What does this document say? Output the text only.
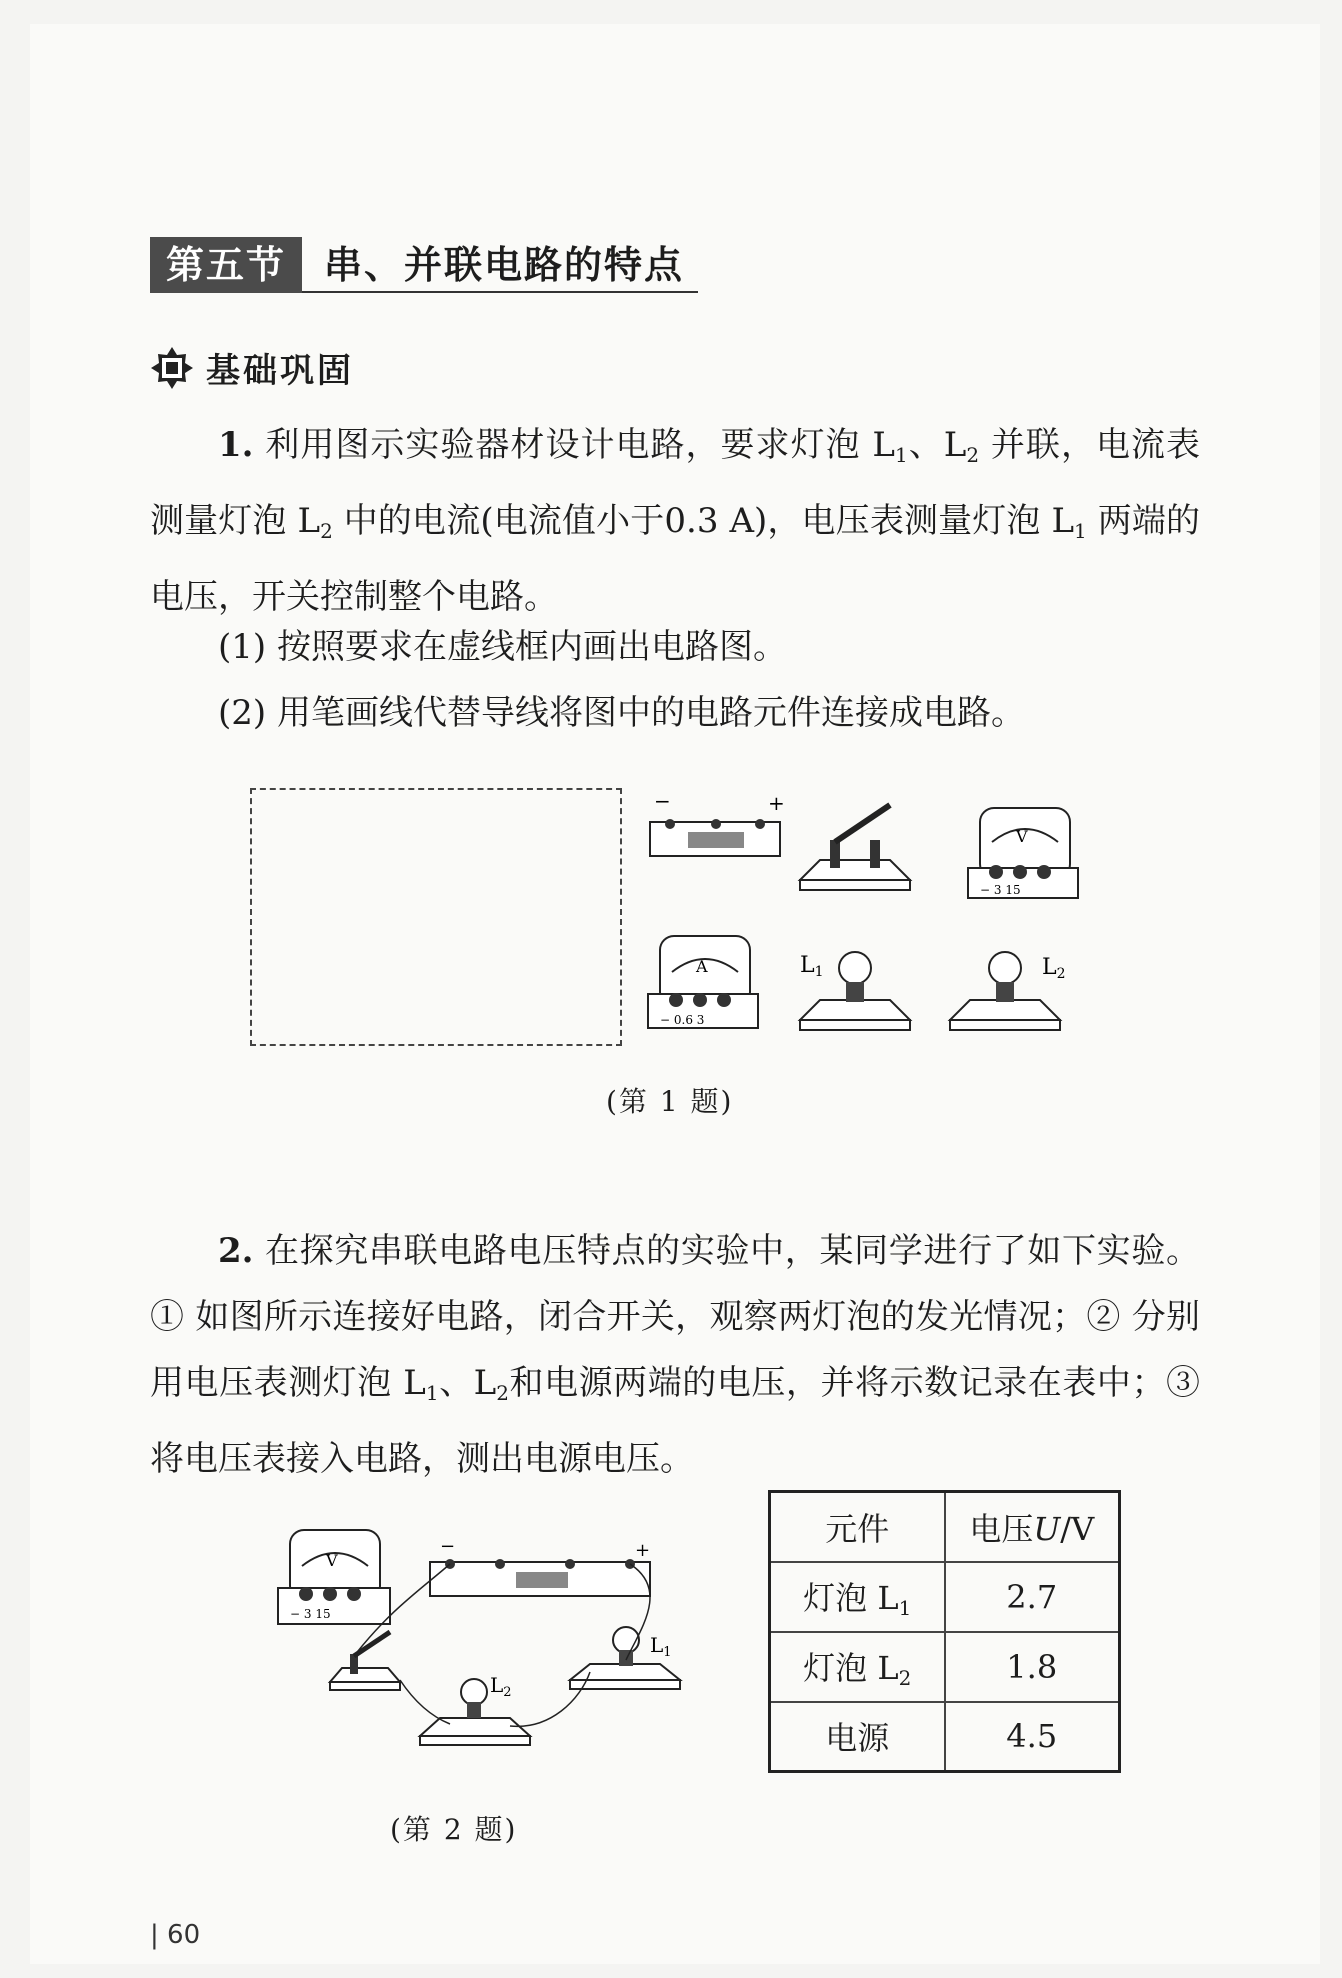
第五节	串、并联电路的特点
基础巩固
1. 利用图示实验器材设计电路，要求灯泡 $L_1$、$L_2$ 并联，电流表测量灯泡 $L_2$ 中的电流(电流值小于0.3 A)，电压表测量灯泡 $L_1$ 两端的电压，开关控制整个电路。
(1) 按照要求在虚线框内画出电路图。
(2) 用笔画线代替导线将图中的电路元件连接成电路。
−	+
V
− 3 15
A
− 0.6 3
L1	L2
(第 1 题)
2. 在探究串联电路电压特点的实验中，某同学进行了如下实验。① 如图所示连接好电路，闭合开关，观察两灯泡的发光情况；② 分别用电压表测灯泡 $L_1$、$L_2$和电源两端的电压，并将示数记录在表中；③ 将电压表接入电路，测出电源电压。
V
− 3 15
−	+
$L_1$
$L_2$
(第 2 题)
元件	电压U/V
灯泡 $L_1$	2.7
灯泡 $L_2$	1.8
电源	4.5
| 60
